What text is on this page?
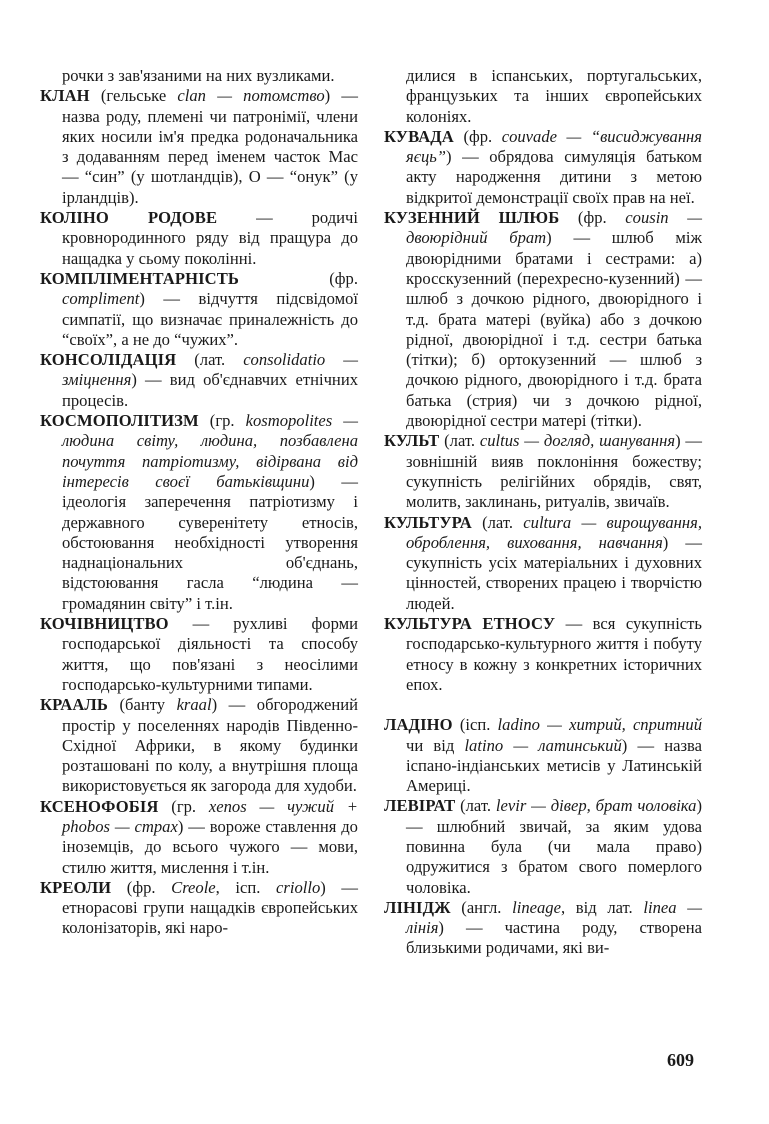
рочки з зав'язаними на них вузликами.

КЛАН (гельське clan — потомство) — назва роду, племені чи патронімії, члени яких носили ім'я предка родоначальника з додаванням перед іменем часток Мас — “син” (у шотландців), О — “онук” (у ірландців).

КОЛІНО РОДОВЕ — родичі кровнородинного ряду від пращура до нащадка у сьому поколінні.

КОМПЛІМЕНТАРНІСТЬ (фр. compliment) — відчуття підсвідомої симпатії, що визначає приналежність до “своїх”, а не до “чужих”.

КОНСОЛІДАЦІЯ (лат. consolidatio — зміцнення) — вид об'єднавчих етнічних процесів.

КОСМОПОЛІТИЗМ (гр. kosmopolites — людина світу, людина, позбавлена почуття патріотизму, відірвана від інтересів своєї батьківщини) — ідеологія заперечення патріотизму і державного суверенітету етносів, обстоювання необхідності утворення наднаціональних об'єднань, відстоювання гасла “людина — громадянин світу” і т.ін.

КОЧІВНИЦТВО — рухливі форми господарської діяльності та способу життя, що пов'язані з неосілими господарсько-культурними типами.

КРААЛЬ (банту kraal) — обгороджений простір у поселеннях народів Південно-Східної Африки, в якому будинки розташовані по колу, а внутрішня площа використовується як загорода для худоби.

КСЕНОФОБІЯ (гр. xenos — чужий + phobos — страх) — вороже ставлення до іноземців, до всього чужого — мови, стилю життя, мислення і т.ін.

КРЕОЛИ (фр. Creole, ісп. criollo) — етнорасові групи нащадків європейських колонізаторів, які наро-

дилися в іспанських, португальських, французьких та інших європейських колоніях.

КУВАДА (фр. couvade — “висиджування яєць”) — обрядова симуляція батьком акту народження дитини з метою відкритої демонстрації своїх прав на неї.

КУЗЕННИЙ ШЛЮБ (фр. cousin — двоюрідний брат) — шлюб між двоюрідними братами і сестрами: а) кросскузенний (перехресно-кузенний) — шлюб з дочкою рідного, двоюрідного і т.д. брата матері (вуйка) або з дочкою рідної, двоюрідної і т.д. сестри батька (тітки); б) ортокузенний — шлюб з дочкою рідного, двоюрідного і т.д. брата батька (стрия) чи з дочкою рідної, двоюрідної сестри матері (тітки).

КУЛЬТ (лат. cultus — догляд, шанування) — зовнішній вияв поклоніння божеству; сукупність релігійних обрядів, свят, молитв, заклинань, ритуалів, звичаїв.

КУЛЬТУРА (лат. cultura — вирощування, оброблення, виховання, навчання) — сукупність усіх матеріальних і духовних цінностей, створених працею і творчістю людей.

КУЛЬТУРА ЕТНОСУ — вся сукупність господарсько-культурного життя і побуту етносу в кожну з конкретних історичних епох.

ЛАДІНО (ісп. ladino — хитрий, спритний чи від latino — латинський) — назва іспано-індіанських метисів у Латинській Америці.

ЛЕВІРАТ (лат. levir — дівер, брат чоловіка) — шлюбний звичай, за яким удова повинна була (чи мала право) одружитися з братом свого померлого чоловіка.

ЛІНІДЖ (англ. lineage, від лат. linea — лінія) — частина роду, створена близькими родичами, які ви-

609
